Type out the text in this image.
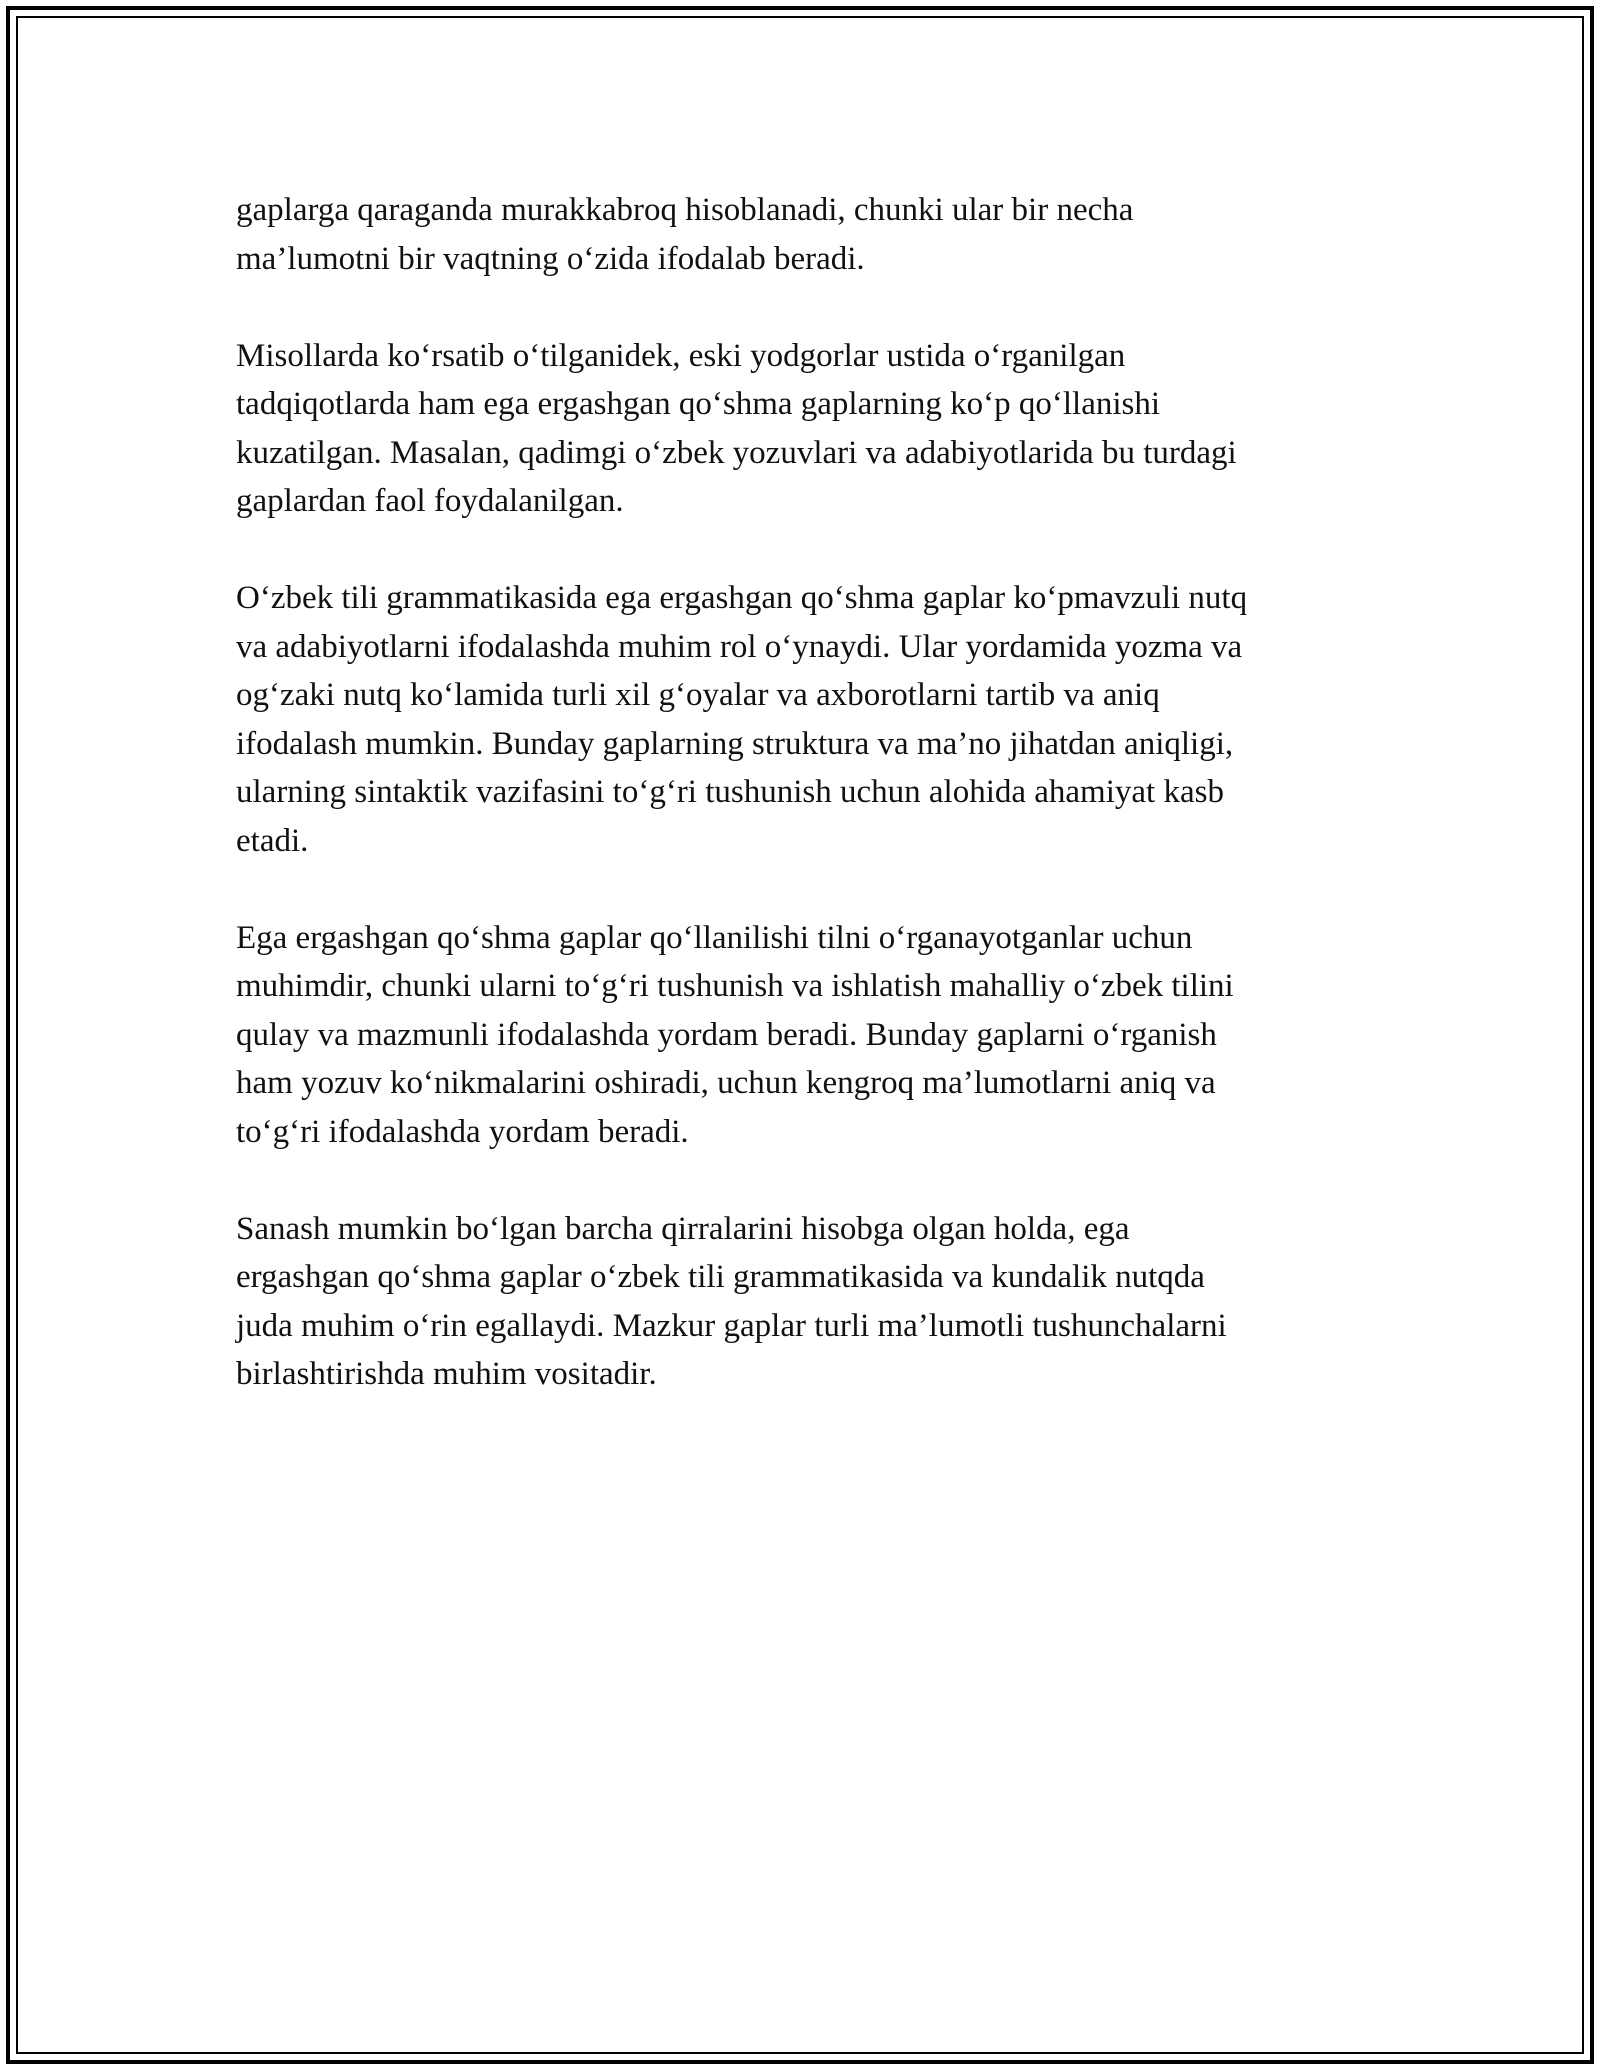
gaplarga qaraganda murakkabroq hisoblanadi, chunki ular bir necha
ma’lumotni bir vaqtning o‘zida ifodalab beradi.

Misollarda ko‘rsatib o‘tilganidek, eski yodgorlar ustida o‘rganilgan
tadqiqotlarda ham ega ergashgan qo‘shma gaplarning ko‘p qo‘llanishi
kuzatilgan. Masalan, qadimgi o‘zbek yozuvlari va adabiyotlarida bu turdagi
gaplardan faol foydalanilgan.

O‘zbek tili grammatikasida ega ergashgan qo‘shma gaplar ko‘pmavzuli nutq
va adabiyotlarni ifodalashda muhim rol o‘ynaydi. Ular yordamida yozma va
og‘zaki nutq ko‘lamida turli xil g‘oyalar va axborotlarni tartib va aniq
ifodalash mumkin. Bunday gaplarning struktura va ma’no jihatdan aniqligi,
ularning sintaktik vazifasini to‘g‘ri tushunish uchun alohida ahamiyat kasb
etadi.

Ega ergashgan qo‘shma gaplar qo‘llanilishi tilni o‘rganayotganlar uchun
muhimdir, chunki ularni to‘g‘ri tushunish va ishlatish mahalliy o‘zbek tilini
qulay va mazmunli ifodalashda yordam beradi. Bunday gaplarni o‘rganish
ham yozuv ko‘nikmalarini oshiradi, uchun kengroq ma’lumotlarni aniq va
to‘g‘ri ifodalashda yordam beradi.

Sanash mumkin bo‘lgan barcha qirralarini hisobga olgan holda, ega
ergashgan qo‘shma gaplar o‘zbek tili grammatikasida va kundalik nutqda
juda muhim o‘rin egallaydi. Mazkur gaplar turli ma’lumotli tushunchalarni
birlashtirishda muhim vositadir.
